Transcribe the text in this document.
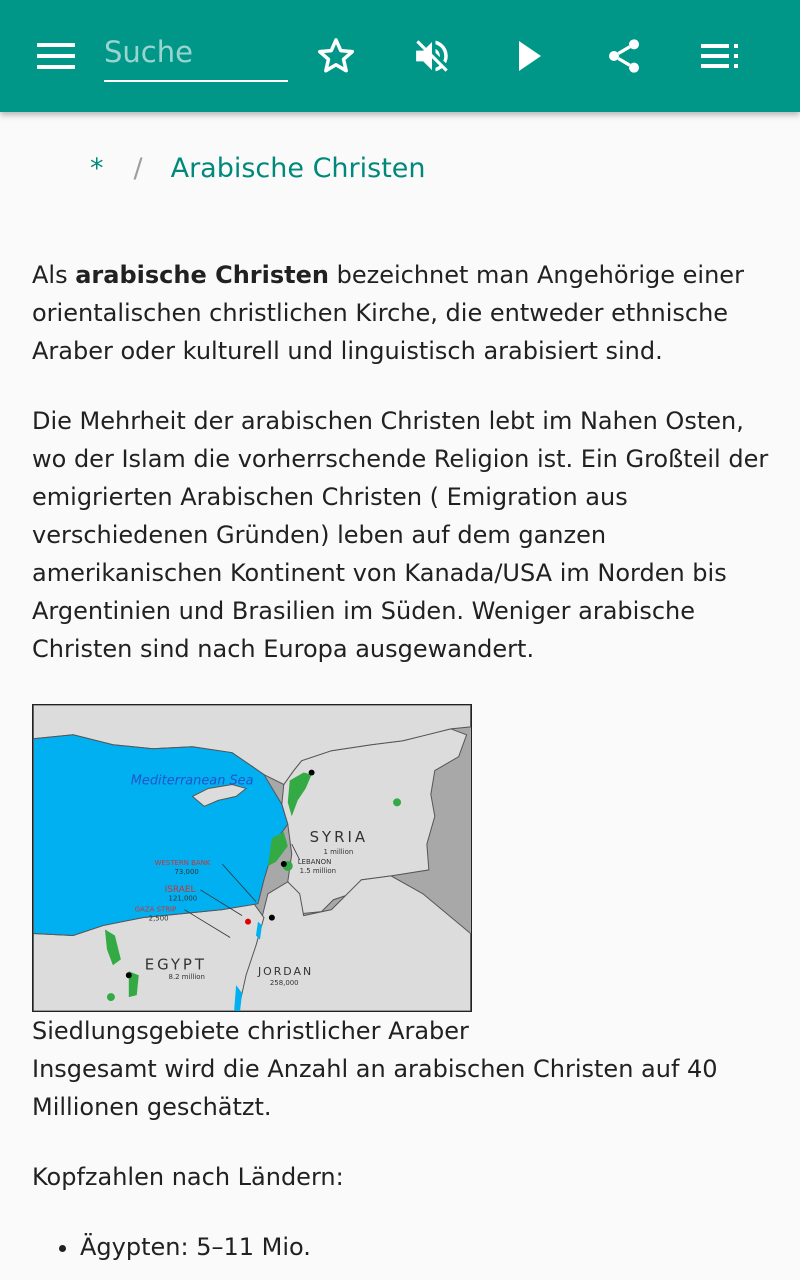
Suche
* / Arabische Christen

Als arabische Christen bezeichnet man Angehörige einer orientalischen christlichen Kirche, die entweder ethnische Araber oder kulturell und linguistisch arabisiert sind.

Die Mehrheit der arabischen Christen lebt im Nahen Osten, wo der Islam die vorherrschende Religion ist. Ein Großteil der emigrierten Arabischen Christen ( Emigration aus verschiedenen Gründen) leben auf dem ganzen amerikanischen Kontinent von Kanada/USA im Norden bis Argentinien und Brasilien im Süden. Weniger arabische Christen sind nach Europa ausgewandert.

Mediterranean Sea
SYRIA
1 million
LEBANON
1.5 million
WESTERN BANK
73,000
ISRAEL
121,000
GAZA STRIP
2,500
EGYPT
8.2 million	JORDAN
258,000

Siedlungsgebiete christlicher Araber

Insgesamt wird die Anzahl an arabischen Christen auf 40 Millionen geschätzt.

Kopfzahlen nach Ländern:

• Ägypten: 5–11 Mio.
